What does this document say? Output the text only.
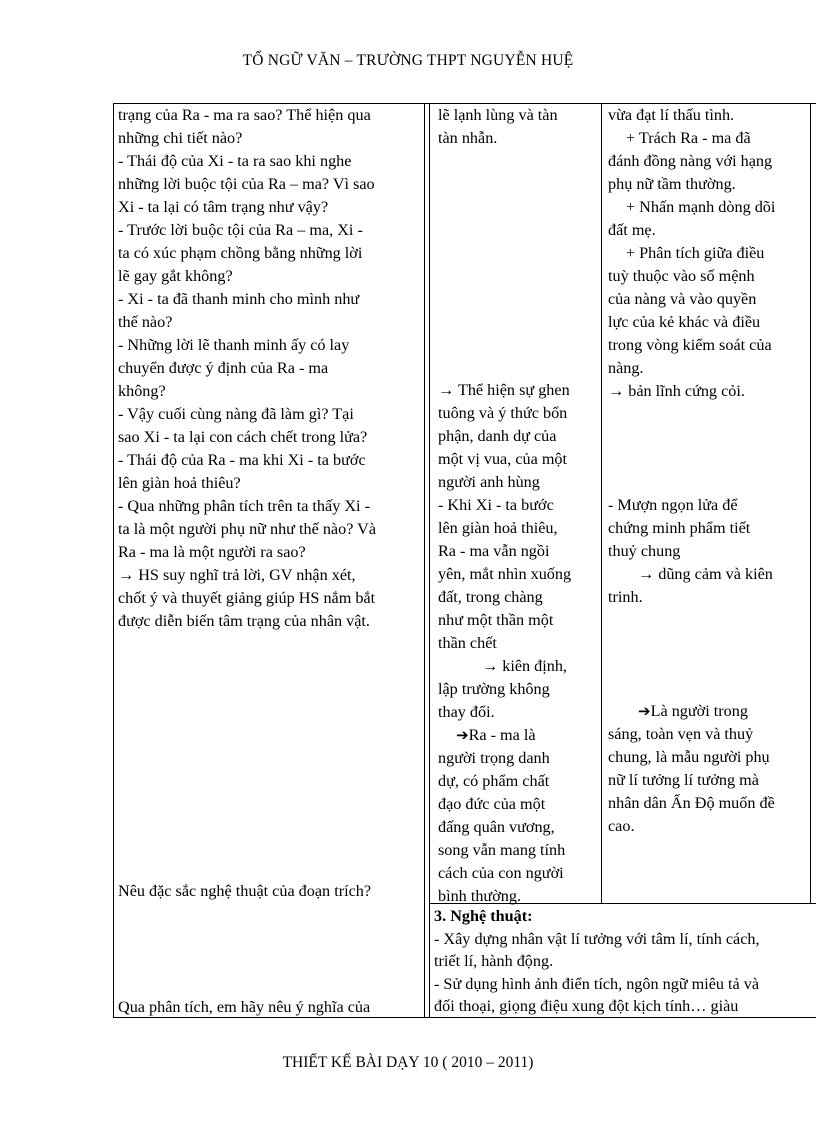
TỔ NGỮ VĂN – TRƯỜNG THPT NGUYỄN HUỆ

trạng của Ra - ma ra sao? Thể hiện qua

những chi tiết nào?

- Thái độ của Xi - ta ra sao khi nghe

những lời buộc tội của Ra – ma? Vì sao

Xi - ta lại có tâm trạng như vậy?

- Trước lời buộc tội của Ra – ma, Xi -

ta có xúc phạm chồng bằng những lời

lẽ gay gắt không?

- Xi - ta đã thanh minh cho mình như

thế nào?

- Những lời lẽ thanh minh ấy có lay

chuyển được ý định của Ra - ma

không?

- Vậy cuối cùng nàng đã làm gì? Tại

sao Xi - ta lại con cách chết trong lửa?

- Thái độ của Ra - ma khi Xi - ta bước

lên giàn hoả thiêu?

- Qua những phân tích trên ta thấy Xi -

ta là một người phụ nữ như thế nào? Và

Ra - ma là một người ra sao?

→ HS suy nghĩ trả lời, GV nhận xét,

chốt ý và thuyết giảng giúp HS nắm bắt

được diễn biến tâm trạng của nhân vật.

Nêu đặc sắc nghệ thuật của đoạn trích?
Qua phân tích, em hãy nêu ý nghĩa của

lẽ lạnh lùng và tàn

tàn nhẫn.

→ Thể hiện sự ghen

tuông và ý thức bổn

phận, danh dự của

một vị vua, của một

người anh hùng

- Khi Xi - ta bước

lên giàn hoả thiêu,

Ra - ma vẫn ngồi

yên, mắt nhìn xuống

đất, trong chàng

như một thần một

thần chết

→ kiên định,

lập trường không

thay đổi.

➔Ra - ma là

người trọng danh

dự, có phẩm chất

đạo đức của một

đấng quân vương,

song vẫn mang tính

cách của con người

bình thường.

vừa đạt lí thấu tình.

+ Trách Ra - ma đã

đánh đồng nàng với hạng

phụ nữ tầm thường.

+ Nhấn mạnh dòng dõi

đất mẹ.

+ Phân tích giữa điều

tuỳ thuộc vào số mệnh

của nàng và vào quyền

lực của kẻ khác và điều

trong vòng kiểm soát của

nàng.

→ bản lĩnh cứng cỏi.

- Mượn ngọn lửa để

chứng minh phẩm tiết

thuỷ chung

→ dũng cảm và kiên

trinh.

➔Là người trong

sáng, toàn vẹn và thuỷ

chung, là mẫu người phụ

nữ lí tưởng lí tưởng mà

nhân dân Ấn Độ muốn đề

cao.

3. Nghệ thuật:

- Xây dựng nhân vật lí tưởng với tâm lí, tính cách,

triết lí, hành động.

- Sử dụng hình ảnh điển tích, ngôn ngữ miêu tả và

đối thoại, giọng điệu xung đột kịch tính… giàu

THIẾT KẾ BÀI DẠY 10 ( 2010 – 2011)
